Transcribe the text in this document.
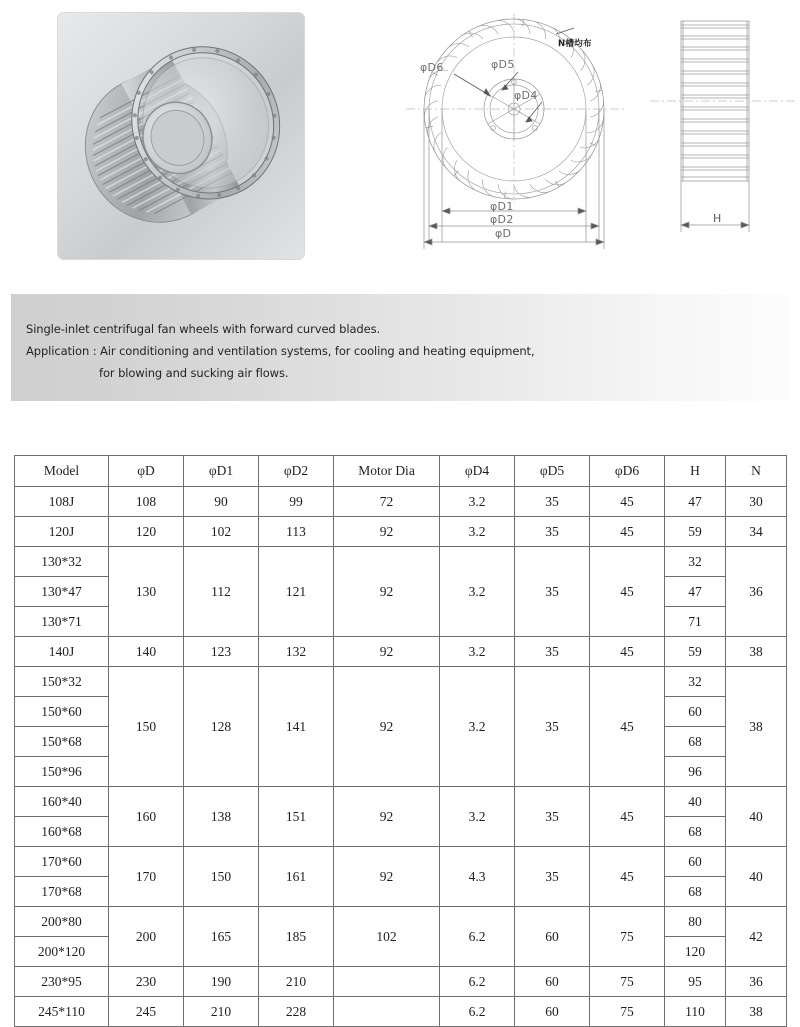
N槽均布
φD6	φD5
φD4
φD1
φD2
φD
H
Single-inlet centrifugal fan wheels with forward curved blades.
Application : Air conditioning and ventilation systems, for cooling and heating equipment,
for blowing and sucking air flows.
Model	φD	φD1	φD2	Motor Dia	φD4	φD5	φD6	H	N
108J	108	90	99	72	3.2	35	45	47	30
120J	120	102	113	92	3.2	35	45	59	34
130*32	130	112	121	92	3.2	35	45	32	36
130*47								47	
130*71								71	
140J	140	123	132	92	3.2	35	45	59	38
150*32	150	128	141	92	3.2	35	45	32	38
150*60								60	
150*68								68	
150*96								96	
160*40	160	138	151	92	3.2	35	45	40	40
160*68								68	
170*60	170	150	161	92	4.3	35	45	60	40
170*68								68	
200*80	200	165	185	102	6.2	60	75	80	42
200*120								120	
230*95	230	190	210		6.2	60	75	95	36
245*110	245	210	228		6.2	60	75	110	38
